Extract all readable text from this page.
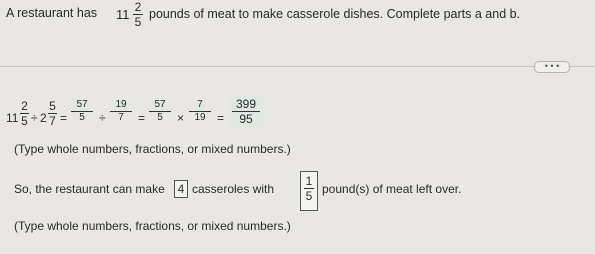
A restaurant has 11 2
5
pounds of meat to make casserole dishes. Complete parts a and b.
• • •
11
2
5 ÷ 2
5
7 =
57
5 ÷
19
7 =
57
5 ×
7
19 =
399
95
(Type whole numbers, fractions, or mixed numbers.)
So, the restaurant can make	4 casseroles with
1
5 pound(s) of meat left over.
(Type whole numbers, fractions, or mixed numbers.)
